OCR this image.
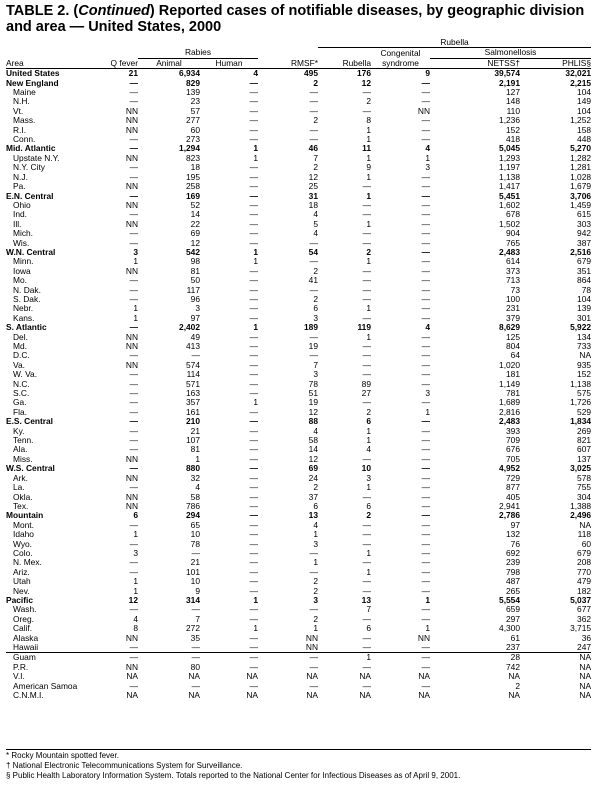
TABLE 2. (Continued) Reported cases of notifiable diseases, by geographic division and area — United States, 2000
					Rubella			
		Rabies				Congenital	Salmonellosis	
Area	Q fever	Animal	Human	RMSF*	Rubella	syndrome	NETSS†	PHLIS§
United States	21	6,934	4	495	176	9	39,574	32,021
New England	—	829	—	2	12	—	2,191	2,215
Maine	—	139	—	—	—	—	127	104
N.H.	—	23	—	—	2	—	148	149
Vt.	NN	57	—	—	—	NN	110	104
Mass.	NN	277	—	2	8	—	1,236	1,252
R.I.	NN	60	—	—	1	—	152	158
Conn.	—	273	—	—	1	—	418	448
Mid. Atlantic	—	1,294	1	46	11	4	5,045	5,270
Upstate N.Y.	NN	823	1	7	1	1	1,293	1,282
N.Y. City	—	18	—	2	9	3	1,197	1,281
N.J.	—	195	—	12	1	—	1,138	1,028
Pa.	NN	258	—	25	—	—	1,417	1,679
E.N. Central	—	169	—	31	1	—	5,451	3,706
Ohio	NN	52	—	18	—	—	1,602	1,459
Ind.	—	14	—	4	—	—	678	615
Ill.	NN	22	—	5	1	—	1,502	303
Mich.	—	69	—	4	—	—	904	942
Wis.	—	12	—	—	—	—	765	387
W.N. Central	3	542	1	54	2	—	2,483	2,516
Minn.	1	98	1	—	1	—	614	679
Iowa	NN	81	—	2	—	—	373	351
Mo.	—	50	—	41	—	—	713	864
N. Dak.	—	117	—	—	—	—	73	78
S. Dak.	—	96	—	2	—	—	100	104
Nebr.	1	3	—	6	1	—	231	139
Kans.	1	97	—	3	—	—	379	301
S. Atlantic	—	2,402	1	189	119	4	8,629	5,922
Del.	NN	49	—	—	1	—	125	134
Md.	NN	413	—	19	—	—	804	733
D.C.	—	—	—	—	—	—	64	NA
Va.	NN	574	—	7	—	—	1,020	935
W. Va.	—	114	—	3	—	—	181	152
N.C.	—	571	—	78	89	—	1,149	1,138
S.C.	—	163	—	51	27	3	781	575
Ga.	—	357	1	19	—	—	1,689	1,726
Fla.	—	161	—	12	2	1	2,816	529
E.S. Central	—	210	—	88	6	—	2,483	1,834
Ky.	—	21	—	4	1	—	393	269
Tenn.	—	107	—	58	1	—	709	821
Ala.	—	81	—	14	4	—	676	607
Miss.	NN	1	—	12	—	—	705	137
W.S. Central	—	880	—	69	10	—	4,952	3,025
Ark.	NN	32	—	24	3	—	729	578
La.	—	4	—	2	1	—	877	755
Okla.	NN	58	—	37	—	—	405	304
Tex.	NN	786	—	6	6	—	2,941	1,388
Mountain	6	294	—	13	2	—	2,786	2,496
Mont.	—	65	—	4	—	—	97	NA
Idaho	1	10	—	1	—	—	132	118
Wyo.	—	78	—	3	—	—	76	60
Colo.	3	—	—	—	1	—	692	679
N. Mex.	—	21	—	1	—	—	239	208
Ariz.	—	101	—	—	1	—	798	770
Utah	1	10	—	2	—	—	487	479
Nev.	1	9	—	2	—	—	265	182
Pacific	12	314	1	3	13	1	5,554	5,037
Wash.	—	—	—	—	7	—	659	677
Oreg.	4	7	—	2	—	—	297	362
Calif.	8	272	1	1	6	1	4,300	3,715
Alaska	NN	35	—	NN	—	NN	61	36
Hawaii	—	—	—	NN	—	—	237	247
Guam	—	—	—	—	1	—	28	NA
P.R.	NN	80	—	—	—	—	742	NA
V.I.	NA	NA	NA	NA	NA	NA	NA	NA
American Samoa	—	—	—	—	—	—	2	NA
C.N.M.I.	NA	NA	NA	NA	NA	NA	NA	NA
* Rocky Mountain spotted fever.
† National Electronic Telecommunications System for Surveillance.
§ Public Health Laboratory Information System. Totals reported to the National Center for Infectious Diseases as of April 9, 2001.
